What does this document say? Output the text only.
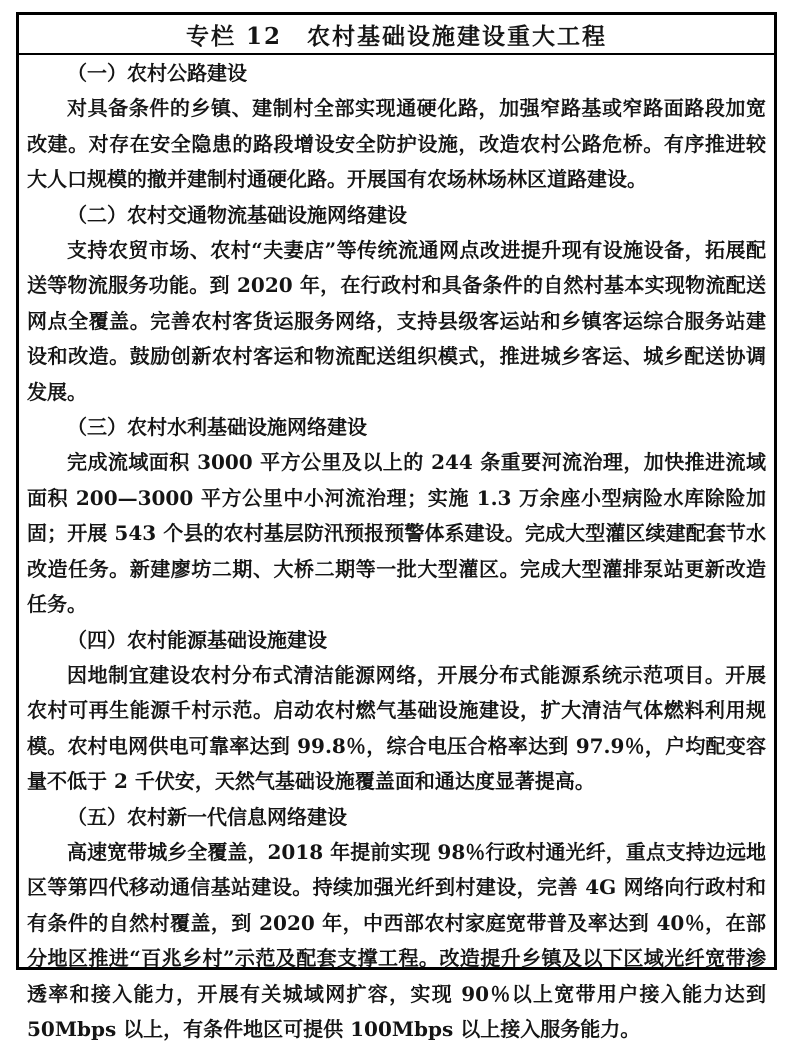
专栏 12　农村基础设施建设重大工程

（一）农村公路建设

对具备条件的乡镇、建制村全部实现通硬化路，加强窄路基或窄路面路段加宽改建。对存在安全隐患的路段增设安全防护设施，改造农村公路危桥。有序推进较大人口规模的撤并建制村通硬化路。开展国有农场林场林区道路建设。

（二）农村交通物流基础设施网络建设

支持农贸市场、农村“夫妻店”等传统流通网点改进提升现有设施设备，拓展配送等物流服务功能。到 2020 年，在行政村和具备条件的自然村基本实现物流配送网点全覆盖。完善农村客货运服务网络，支持县级客运站和乡镇客运综合服务站建设和改造。鼓励创新农村客运和物流配送组织模式，推进城乡客运、城乡配送协调发展。

（三）农村水利基础设施网络建设

完成流域面积 3000 平方公里及以上的 244 条重要河流治理，加快推进流域面积 200—3000 平方公里中小河流治理；实施 1.3 万余座小型病险水库除险加固；开展 543 个县的农村基层防汛预报预警体系建设。完成大型灌区续建配套节水改造任务。新建廖坊二期、大桥二期等一批大型灌区。完成大型灌排泵站更新改造任务。

（四）农村能源基础设施建设

因地制宜建设农村分布式清洁能源网络，开展分布式能源系统示范项目。开展农村可再生能源千村示范。启动农村燃气基础设施建设，扩大清洁气体燃料利用规模。农村电网供电可靠率达到 99.8％，综合电压合格率达到 97.9％，户均配变容量不低于 2 千伏安，天然气基础设施覆盖面和通达度显著提高。

（五）农村新一代信息网络建设

高速宽带城乡全覆盖，2018 年提前实现 98％行政村通光纤，重点支持边远地区等第四代移动通信基站建设。持续加强光纤到村建设，完善 4G 网络向行政村和有条件的自然村覆盖，到 2020 年，中西部农村家庭宽带普及率达到 40％，在部分地区推进“百兆乡村”示范及配套支撑工程。改造提升乡镇及以下区域光纤宽带渗透率和接入能力，开展有关城域网扩容，实现 90％以上宽带用户接入能力达到 50Mbps 以上，有条件地区可提供 100Mbps 以上接入服务能力。
